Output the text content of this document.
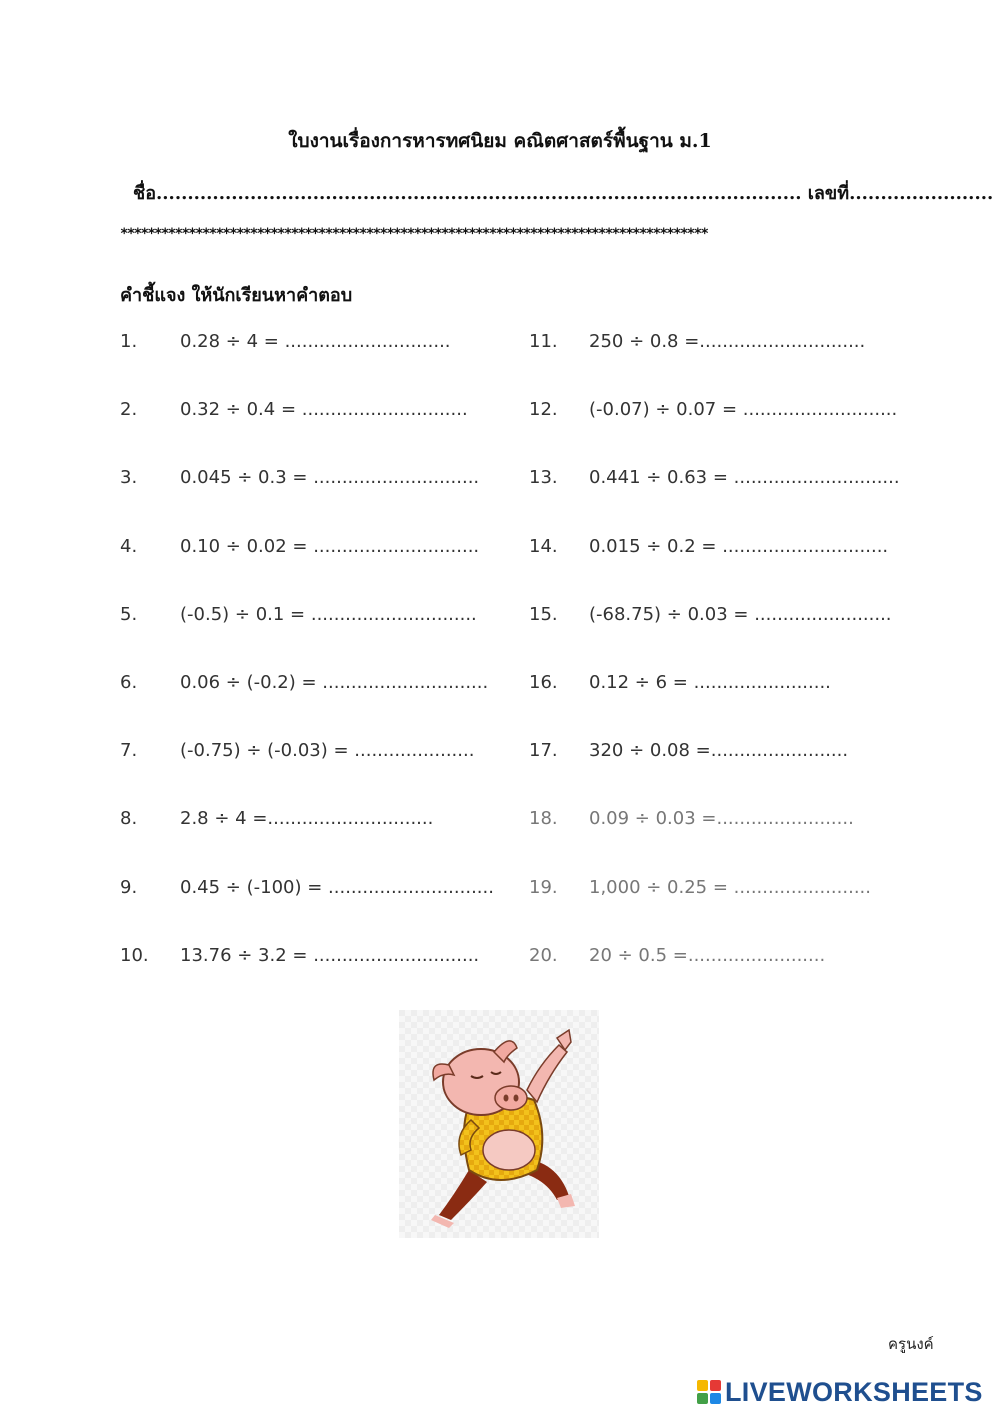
ใบงานเรื่องการหารทศนิยม คณิตศาสตร์พื้นฐาน ม.1
ชื่อ....................................................................................................... เลขที่.......................
**************************************************************************************
คำชี้แจง ให้นักเรียนหาคำตอบ
1. 0.28 ÷ 4 = .............................
2. 0.32 ÷ 0.4 = .............................
3. 0.045 ÷ 0.3 = .............................
4. 0.10 ÷ 0.02 = .............................
5. (-0.5) ÷ 0.1 = .............................
6. 0.06 ÷ (-0.2) = .............................
7. (-0.75) ÷ (-0.03) = .....................
8. 2.8 ÷ 4 =.............................
9. 0.45 ÷ (-100) = .............................
10. 13.76 ÷ 3.2 = .............................
11. 250 ÷ 0.8 =.............................
12. (-0.07) ÷ 0.07 = ...........................
13. 0.441 ÷ 0.63 = .............................
14. 0.015 ÷ 0.2 = .............................
15. (-68.75) ÷ 0.03 = ........................
16. 0.12 ÷ 6 = ........................
17. 320 ÷ 0.08 =........................
18. 0.09 ÷ 0.03 =........................
19. 1,000 ÷ 0.25 = ........................
20. 20 ÷ 0.5 =........................
ครูนงค์
LIVEWORKSHEETS
